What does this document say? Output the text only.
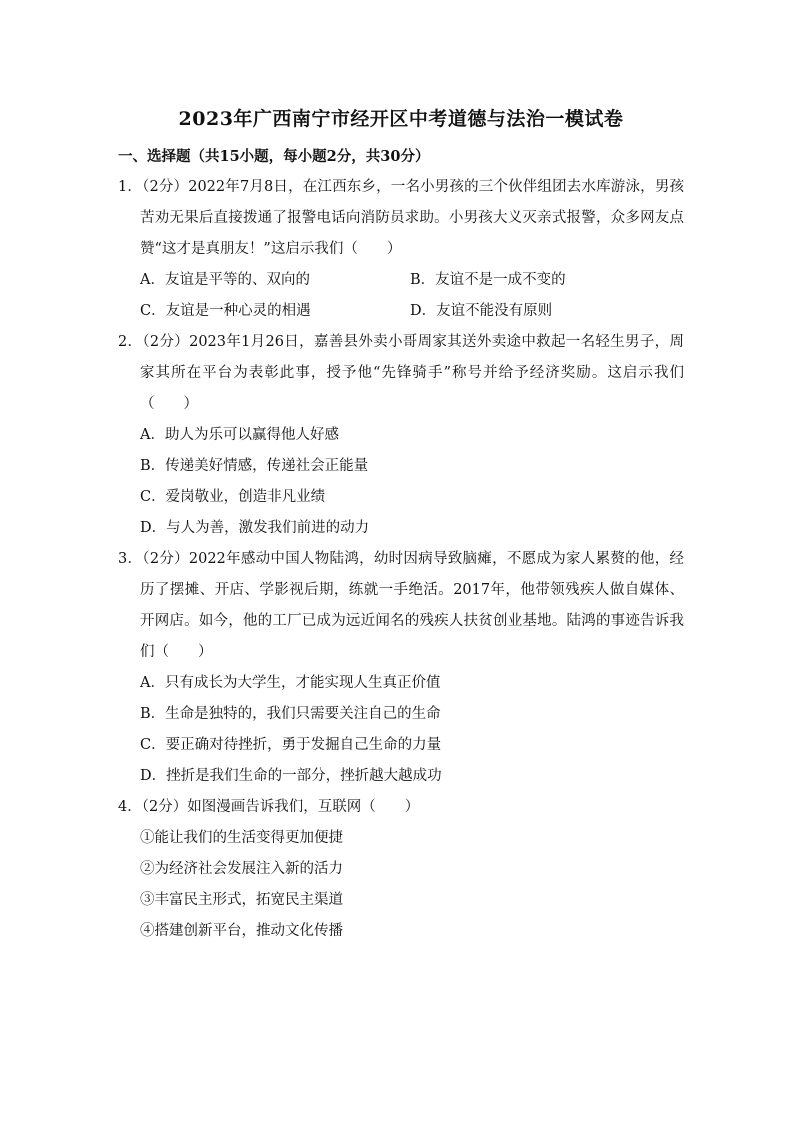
2023年广西南宁市经开区中考道德与法治一模试卷
一、选择题（共15小题，每小题2分，共30分）
1．（2分）2022年7月8日，在江西东乡，一名小男孩的三个伙伴组团去水库游泳，男孩苦劝无果后直接拨通了报警电话向消防员求助。小男孩大义灭亲式报警，众多网友点赞“这才是真朋友！”这启示我们（　　）
A．友谊是平等的、双向的	B．友谊不是一成不变的
C．友谊是一种心灵的相遇	D．友谊不能没有原则
2．（2分）2023年1月26日，嘉善县外卖小哥周家其送外卖途中救起一名轻生男子，周家其所在平台为表彰此事，授予他“先锋骑手”称号并给予经济奖励。这启示我们（　　）
A．助人为乐可以赢得他人好感
B．传递美好情感，传递社会正能量
C．爱岗敬业，创造非凡业绩
D．与人为善，激发我们前进的动力
3．（2分）2022年感动中国人物陆鸿，幼时因病导致脑瘫，不愿成为家人累赘的他，经历了摆摊、开店、学影视后期，练就一手绝活。2017年，他带领残疾人做自媒体、开网店。如今，他的工厂已成为远近闻名的残疾人扶贫创业基地。陆鸿的事迹告诉我们（　　）
A．只有成长为大学生，才能实现人生真正价值
B．生命是独特的，我们只需要关注自己的生命
C．要正确对待挫折，勇于发掘自己生命的力量
D．挫折是我们生命的一部分，挫折越大越成功
4．（2分）如图漫画告诉我们，互联网（　　）
①能让我们的生活变得更加便捷
②为经济社会发展注入新的活力
③丰富民主形式，拓宽民主渠道
④搭建创新平台，推动文化传播
